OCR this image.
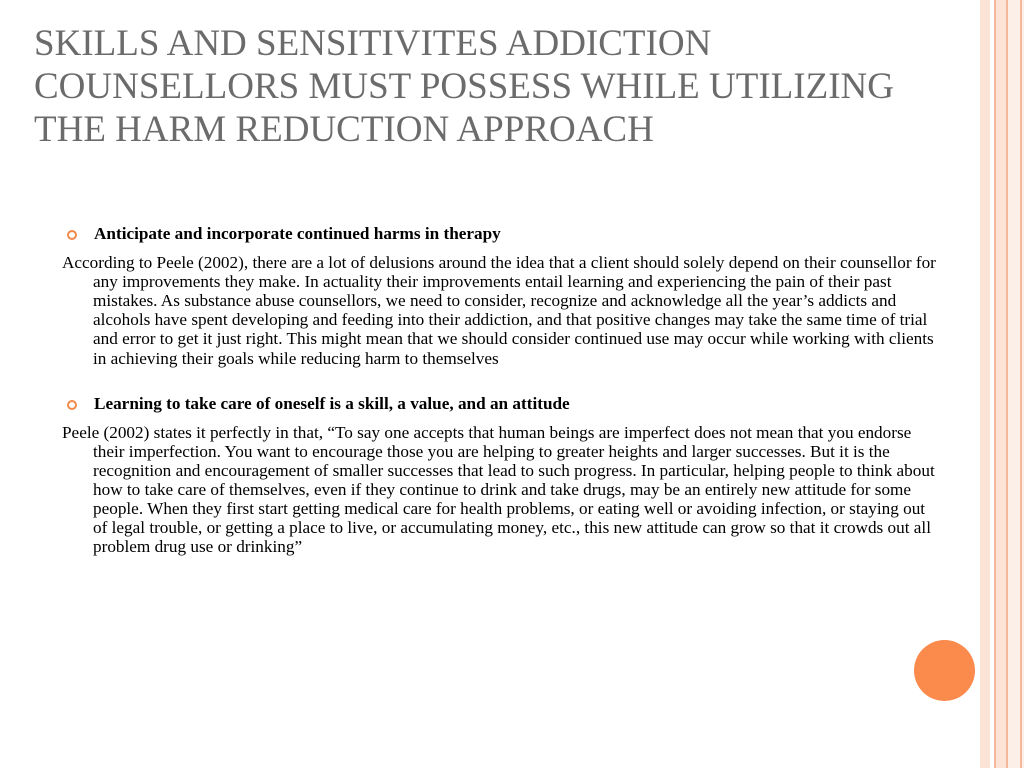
SKILLS AND SENSITIVITES ADDICTION COUNSELLORS MUST POSSESS WHILE UTILIZING THE HARM REDUCTION APPROACH
Anticipate and incorporate continued harms in therapy

According to Peele (2002), there are a lot of delusions around the idea that a client should solely depend on their counsellor for any improvements they make. In actuality their improvements entail learning and experiencing the pain of their past mistakes. As substance abuse counsellors, we need to consider, recognize and acknowledge all the year’s addicts and alcohols have spent developing and feeding into their addiction, and that positive changes may take the same time of trial and error to get it just right. This might mean that we should consider continued use may occur while working with clients in achieving their goals while reducing harm to themselves

Learning to take care of oneself is a skill, a value, and an attitude

Peele (2002) states it perfectly in that, “To say one accepts that human beings are imperfect does not mean that you endorse their imperfection. You want to encourage those you are helping to greater heights and larger successes. But it is the recognition and encouragement of smaller successes that lead to such progress. In particular, helping people to think about how to take care of themselves, even if they continue to drink and take drugs, may be an entirely new attitude for some people. When they first start getting medical care for health problems, or eating well or avoiding infection, or staying out of legal trouble, or getting a place to live, or accumulating money, etc., this new attitude can grow so that it crowds out all problem drug use or drinking”
